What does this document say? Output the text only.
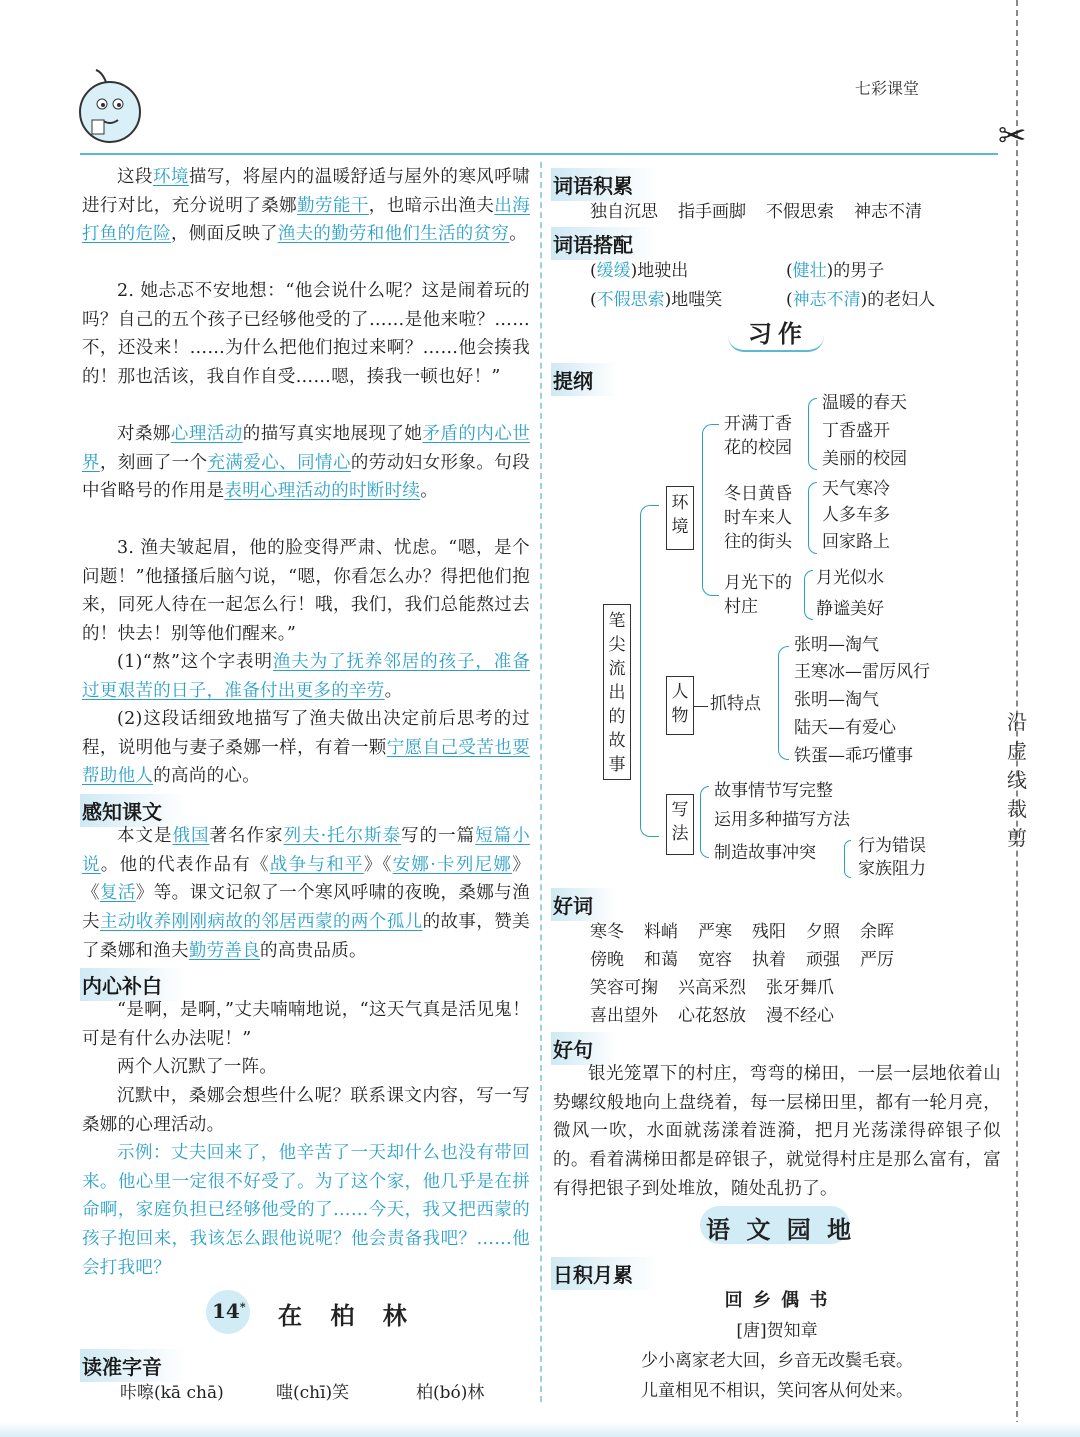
七彩课堂
✂
沿虚线裁剪
这段环境描写，将屋内的温暖舒适与屋外的寒风呼啸进行对比，充分说明了桑娜勤劳能干，也暗示出渔夫出海打鱼的危险，侧面反映了渔夫的勤劳和他们生活的贫穷。
2. 她忐忑不安地想：“他会说什么呢？这是闹着玩的吗？自己的五个孩子已经够他受的了……是他来啦？……不，还没来！……为什么把他们抱过来啊？……他会揍我的！那也活该，我自作自受……嗯，揍我一顿也好！”
对桑娜心理活动的描写真实地展现了她矛盾的内心世界，刻画了一个充满爱心、同情心的劳动妇女形象。句段中省略号的作用是表明心理活动的时断时续。
3. 渔夫皱起眉，他的脸变得严肃、忧虑。“嗯，是个问题！”他搔搔后脑勺说，“嗯，你看怎么办？得把他们抱来，同死人待在一起怎么行！哦，我们，我们总能熬过去的！快去！别等他们醒来。”
(1)“熬”这个字表明渔夫为了抚养邻居的孩子，准备过更艰苦的日子，准备付出更多的辛劳。
(2)这段话细致地描写了渔夫做出决定前后思考的过程，说明他与妻子桑娜一样，有着一颗宁愿自己受苦也要帮助他人的高尚的心。
感知课文
本文是俄国著名作家列夫·托尔斯泰写的一篇短篇小说。他的代表作品有《战争与和平》《安娜·卡列尼娜》《复活》等。课文记叙了一个寒风呼啸的夜晚，桑娜与渔夫主动收养刚刚病故的邻居西蒙的两个孤儿的故事，赞美了桑娜和渔夫勤劳善良的高贵品质。
内心补白
“是啊，是啊，”丈夫喃喃地说，“这天气真是活见鬼！可是有什么办法呢！”
两个人沉默了一阵。
沉默中，桑娜会想些什么呢？联系课文内容，写一写桑娜的心理活动。
示例：丈夫回来了，他辛苦了一天却什么也没有带回来。他心里一定很不好受了。为了这个家，他几乎是在拼命啊，家庭负担已经够他受的了……今天，我又把西蒙的孩子抱回来，我该怎么跟他说呢？他会责备我吧？……他会打我吧？
14* 在 柏 林
读准字音
咔嚓(kā chā)	嗤(chī)笑	柏(bó)林
词语积累
独自沉思 指手画脚 不假思索 神志不清
词语搭配
(缓缓)地驶出	(健壮)的男子
(不假思索)地嗤笑	(神志不清)的老妇人
习作
提纲
笔尖流出的故事
环境
开满丁香花的校园
温暖的春天
丁香盛开
美丽的校园
冬日黄昏时车来人往的街头
天气寒冷
人多车多
回家路上
月光下的村庄
月光似水
静谧美好
人物
抓特点
张明—淘气
王寒冰—雷厉风行
张明—淘气
陆天—有爱心
铁蛋—乖巧懂事
写法
故事情节写完整
运用多种描写方法
制造故事冲突 行为错误
家族阻力
好词
寒冬 料峭 严寒 残阳 夕照 余晖
傍晚 和蔼 宽容 执着 顽强 严厉
笑容可掬 兴高采烈 张牙舞爪
喜出望外 心花怒放 漫不经心
好句
银光笼罩下的村庄，弯弯的梯田，一层一层地依着山势螺纹般地向上盘绕着，每一层梯田里，都有一轮月亮，微风一吹，水面就荡漾着涟漪，把月光荡漾得碎银子似的。看着满梯田都是碎银子，就觉得村庄是那么富有，富有得把银子到处堆放，随处乱扔了。
语 文 园 地
日积月累
回 乡 偶 书
[唐]贺知章
少小离家老大回，乡音无改鬓毛衰。
儿童相见不相识，笑问客从何处来。
